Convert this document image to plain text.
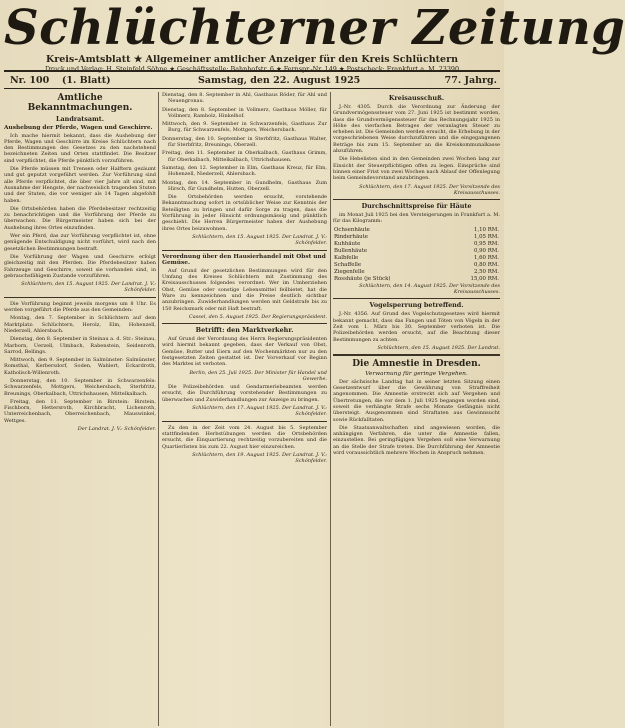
Schlüchterner Zeitung
Kreis-Amtsblatt ★ Allgemeiner amtlicher Anzeiger für den Kreis Schlüchtern
Druck und Verlag: H. Steinfeld Söhne ★ Geschäftsstelle: Bahnhofstr. 6 ★ Fernspr.-Nr. 149 ★ Postscheck: Frankfurt a. M. 23390
Nr. 100 (1. Blatt)	Samstag, den 22. August 1925	77. Jahrg.
Amtliche Bekanntmachungen.
Landratsamt.
Aushebung der Pferde, Wagen und Geschirre.

Ich mache hiermit bekannt, dass die Aushebung der Pferde, Wagen und Geschirre im Kreise Schlüchtern nach den Bestimmungen des Gesetzes zu den nachstehend bezeichneten Zeiten und Orten stattfindet. Die Besitzer sind verpflichtet, die Pferde pünktlich vorzuführen.

Die Pferde müssen mit Trensen oder Halftern gezäumt und gut geputzt vorgeführt werden. Zur Vorführung sind alle Pferde verpflichtet, die über vier Jahre alt sind, mit Ausnahme der Hengste, der nachweislich tragenden Stuten und der Stuten, die vor weniger als 14 Tagen abgefohlt haben.

Die Ortsbehörden haben die Pferdebesitzer rechtzeitig zu benachrichtigen und die Vorführung der Pferde zu überwachen. Die Bürgermeister haben sich bei der Aushebung ihres Ortes einzufinden.

Wer ein Pferd, das zur Vorführung verpflichtet ist, ohne genügende Entschuldigung nicht vorführt, wird nach den gesetzlichen Bestimmungen bestraft.

Die Vorführung der Wagen und Geschirre erfolgt gleichzeitig mit den Pferden. Die Pferdebesitzer haben Fahrzeuge und Geschirre, soweit sie vorhanden sind, in gebrauchsfähigem Zustande vorzuführen.

Schlüchtern, den 15. August 1925. Der Landrat. J. V.: Schönfelder.

Die Vorführung beginnt jeweils morgens um 8 Uhr. Es werden vorgeführt die Pferde aus den Gemeinden:

Montag, den 7. September in Schlüchtern auf dem Marktplatz: Schlüchtern, Herolz, Elm, Hohenzell, Niederzell, Ahlersbach.

Dienstag, den 8. September in Steinau a. d. Str.: Steinau, Marborn, Uerzell, Ulmbach, Rabenstein, Seidenroth, Sarrod, Bellings.

Mittwoch, den 9. September in Salmünster: Salmünster, Romsthal, Kerbersdorf, Soden, Wahlert, Eckardroth, Katholisch-Willenroth.

Donnerstag, den 10. September in Schwarzenfels: Schwarzenfels, Mottgers, Weichersbach, Sterbfritz, Breunings, Oberkalbach, Uttrichshausen, Mittelkalbach.

Freitag, den 11. September in Birstein: Birstein, Fischborn, Hettersroth, Kirchbracht, Lichenroth, Unterreichenbach, Oberreichenbach, Mauswinkel, Wettges.

Der Landrat. J. V.: Schönfelder.

Dienstag, den 8. September in Ahl, Gasthaus Röder, für Ahl und Neuengronau.
Dienstag, den 8. September in Vollmerz, Gasthaus Möller, für Vollmerz, Ramholz, Hinkelhof.
Mittwoch, den 9. September in Schwarzenfels, Gasthaus Zur Burg, für Schwarzenfels, Mottgers, Weichersbach.
Donnerstag, den 10. September in Sterbfritz, Gasthaus Walter, für Sterbfritz, Breunings, Oberzell.
Freitag, den 11. September in Oberkalbach, Gasthaus Grimm, für Oberkalbach, Mittelkalbach, Uttrichshausen.
Samstag, den 12. September in Elm, Gasthaus Kreuz, für Elm, Hohenzell, Niederzell, Ahlersbach.
Montag, den 14. September in Gundhelm, Gasthaus Zum Hirsch, für Gundhelm, Hutten, Oberzell.

Die Ortsbehörden werden ersucht, vorstehende Bekanntmachung sofort in ortsüblicher Weise zur Kenntnis der Beteiligten zu bringen und dafür Sorge zu tragen, dass die Vorführung in jeder Hinsicht ordnungsmässig und pünktlich geschieht. Die Herren Bürgermeister haben der Aushebung ihres Ortes beizuwohnen.

Schlüchtern, den 15. August 1925. Der Landrat. J. V.: Schönfelder.

Verordnung über den Hausierhandel mit Obst und Gemüse.

Auf Grund der gesetzlichen Bestimmungen wird für den Umfang des Kreises Schlüchtern mit Zustimmung des Kreisausschusses folgendes verordnet: Wer im Umherziehen Obst, Gemüse oder sonstige Lebensmittel feilbietet, hat die Ware zu kennzeichnen und die Preise deutlich sichtbar anzubringen. Zuwiderhandlungen werden mit Geldstrafe bis zu 150 Reichsmark oder mit Haft bestraft.

Cassel, den 5. August 1925. Der Regierungspräsident.

Betrifft: den Marktverkehr.

Auf Grund der Verordnung des Herrn Regierungspräsidenten wird hiermit bekannt gegeben, dass der Verkauf von Obst, Gemüse, Butter und Eiern auf den Wochenmärkten nur zu den festgesetzten Zeiten gestattet ist. Der Vorverkauf vor Beginn des Marktes ist verboten.

Berlin, den 25. Juli 1925. Der Minister für Handel und Gewerbe.

Die Polizeibehörden und Gendarmeriebeamten werden ersucht, die Durchführung vorstehender Bestimmungen zu überwachen und Zuwiderhandlungen zur Anzeige zu bringen.

Schlüchtern, den 17. August 1925. Der Landrat. J. V.: Schönfelder.

Zu den in der Zeit vom 24. August bis 5. September stattfindenden Herbstübungen werden die Ortsbehörden ersucht, die Einquartierung rechtzeitig vorzubereiten und die Quartierlisten bis zum 22. August hier einzureichen.

Schlüchtern, den 19. August 1925. Der Landrat. J. V.: Schönfelder.

Kreisausschuß.

J.-Nr. 4305. Durch die Verordnung zur Änderung der Grundvermögenssteuer vom 27. Juni 1925 ist bestimmt worden, dass die Grundvermögenssteuer für das Rechnungsjahr 1925 in Höhe des vierfachen Betrages der veranlagten Steuer zu erheben ist. Die Gemeinden werden ersucht, die Erhebung in der vorgeschriebenen Weise durchzuführen und die eingegangenen Beträge bis zum 15. September an die Kreiskommunalkasse abzuführen.

Die Hebelisten sind in den Gemeinden zwei Wochen lang zur Einsicht der Steuerpflichtigen offen zu legen. Einsprüche sind binnen einer Frist von zwei Wochen nach Ablauf der Offenlegung beim Gemeindevorstand anzubringen.

Schlüchtern, den 17. August 1925. Der Vorsitzende des Kreisausschusses.

Durchschnittspreise für Häute

im Monat Juli 1925 bei den Versteigerungen in Frankfurt a. M. für das Kilogramm:

Ochsenhäute	1,10 RM.
Rinderhäute	1,05 RM.
Kuhhäute	0,95 RM.
Bullenhäute	0,90 RM.
Kalbfelle	1,60 RM.
Schaffelle	0,80 RM.
Ziegenfelle	2,50 RM.
Rosshäute (je Stück)	15,00 RM.

Schlüchtern, den 14. August 1925. Der Vorsitzende des Kreisausschusses.

Vogelsperrung betreffend.

J.-Nr. 4356. Auf Grund des Vogelschutzgesetzes wird hiermit bekannt gemacht, dass das Fangen und Töten von Vögeln in der Zeit vom 1. März bis 30. September verboten ist. Die Polizeibehörden werden ersucht, auf die Beachtung dieser Bestimmungen zu achten.

Schlüchtern, den 15. August 1925. Der Landrat.

Die Amnestie in Dresden.
Verwarnung für geringe Vergehen.

Der sächsische Landtag hat in seiner letzten Sitzung einen Gesetzentwurf über die Gewährung von Straffreiheit angenommen. Die Amnestie erstreckt sich auf Vergehen und Übertretungen, die vor dem 1. Juli 1925 begangen worden sind, soweit die verhängte Strafe sechs Monate Gefängnis nicht übersteigt. Ausgenommen sind Straftaten aus Gewinnsucht sowie Rückfalltaten.

Die Staatsanwaltschaften sind angewiesen worden, die anhängigen Verfahren, die unter die Amnestie fallen, einzustellen. Bei geringfügigen Vergehen soll eine Verwarnung an die Stelle der Strafe treten. Die Durchführung der Amnestie wird voraussichtlich mehrere Wochen in Anspruch nehmen.
